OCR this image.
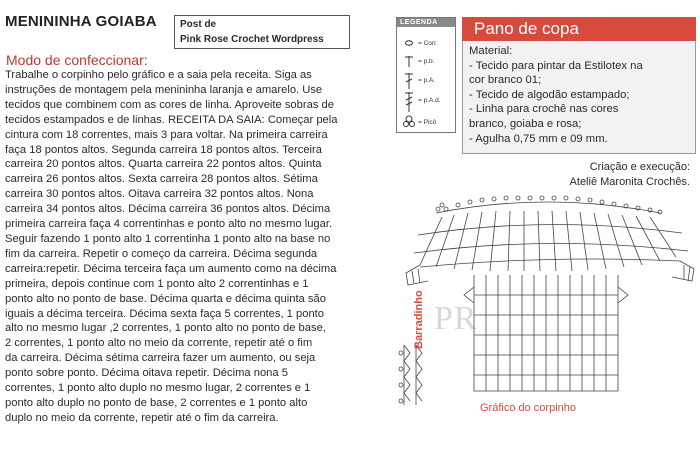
MENININHA GOIABA Post de
Pink Rose Crochet Wordpress
Modo de confeccionar:
Trabalhe o corpinho pelo gráfico e a saia pela receita. Siga as
instruções de montagem pela menininha laranja e amarelo. Use
tecidos que combinem com as cores de linha. Aproveite sobras de
tecidos estampados e de linhas. RECEITA DA SAIA: Começar pela
cintura com 18 correntes, mais 3 para voltar. Na primeira carreira
faça 18 pontos altos. Segunda carreira 18 pontos altos. Terceira
carreira 20 pontos altos. Quarta carreira 22 pontos altos. Quinta
carreira 26 pontos altos. Sexta carreira 28 pontos altos. Sétima
carreira 30 pontos altos. Oitava carreira 32 pontos altos. Nona
carreira 34 pontos altos. Décima carreira 36 pontos altos. Décima
primeira carreira faça 4 correntinhas e ponto alto no mesmo lugar.
Seguir fazendo 1 ponto alto 1 correntinha 1 ponto alto na base no
fim da carreira. Repetir o começo da carreira. Décima segunda
carreira:repetir. Décima terceira faça um aumento como na décima
primeira, depois continue com 1 ponto alto 2 correntinhas e 1
ponto alto no ponto de base. Décima quarta e décima quinta são
iguais a décima terceira. Décima sexta faça 5 correntes, 1 ponto
alto no mesmo lugar ,2 correntes, 1 ponto alto no ponto de base,
2 correntes, 1 ponto alto no meio da corrente, repetir até o fim
da carreira. Décima sétima carreira fazer um aumento, ou seja
ponto sobre ponto. Décima oitava repetir. Décima nona 5
correntes, 1 ponto alto duplo no mesmo lugar, 2 correntes e 1
ponto alto duplo no ponto de base, 2 correntes e 1 ponto alto
duplo no meio da corrente, repetir até o fim da carreira.
LEGENDA
= Corr.
= p.b.
= p.A.
= p.A.d.
= Picô
Pano de copa
Material:
- Tecido para pintar da Estilotex na
cor branco 01;
- Tecido de algodão estampado;
- Linha para crochê nas cores
branco, goiaba e rosa;
- Agulha 0,75 mm e 09 mm.
Criação e execução:
Ateliê Maronita Crochês.
PR
Barradinho
Gráfico do corpinho
